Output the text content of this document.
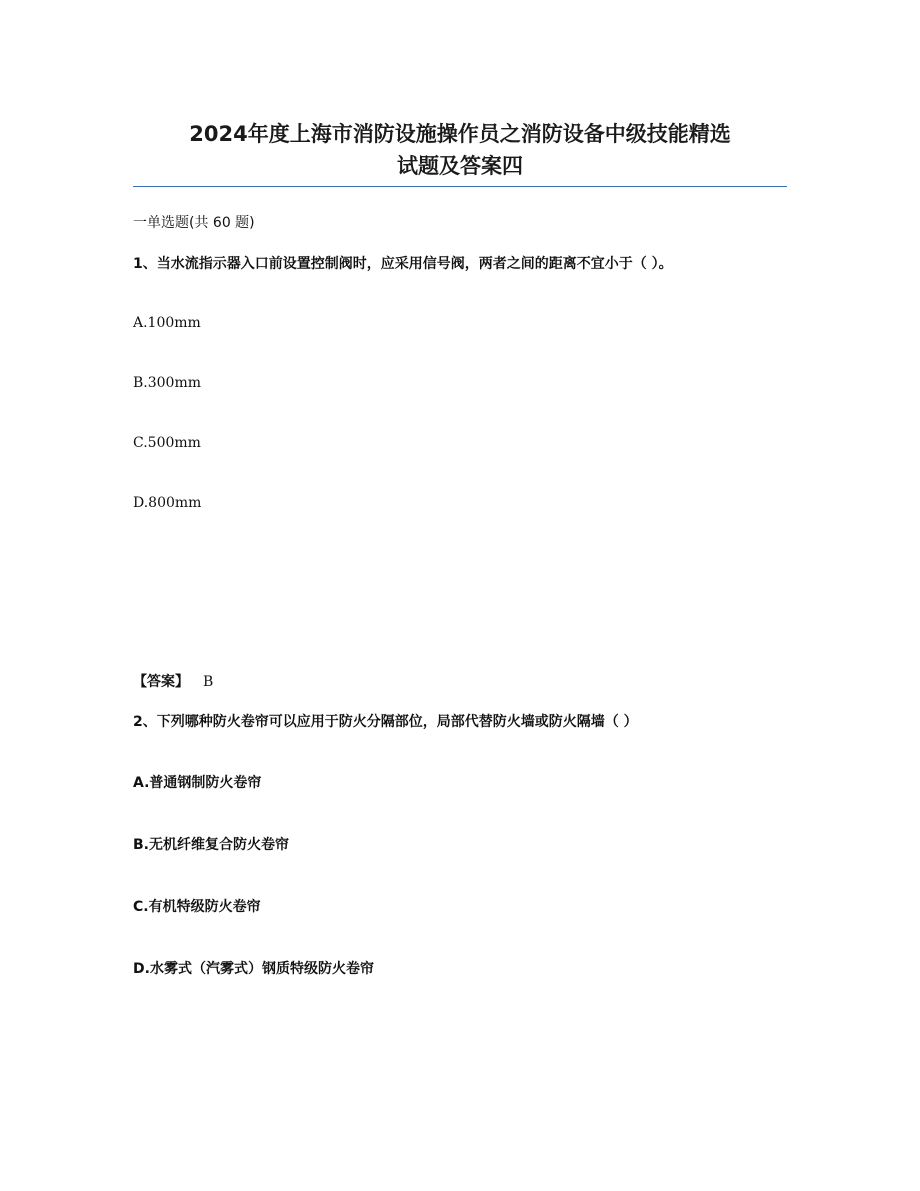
2024年度上海市消防设施操作员之消防设备中级技能精选
试题及答案四
一单选题(共 60 题)
1、当水流指示器入口前设置控制阀时，应采用信号阀，两者之间的距离不宜小于（ ）。
A.100mm
B.300mm
C.500mm
D.800mm
【答案】 B
2、下列哪种防火卷帘可以应用于防火分隔部位，局部代替防火墙或防火隔墙（ ）
A.普通钢制防火卷帘
B.无机纤维复合防火卷帘
C.有机特级防火卷帘
D.水雾式（汽雾式）钢质特级防火卷帘
